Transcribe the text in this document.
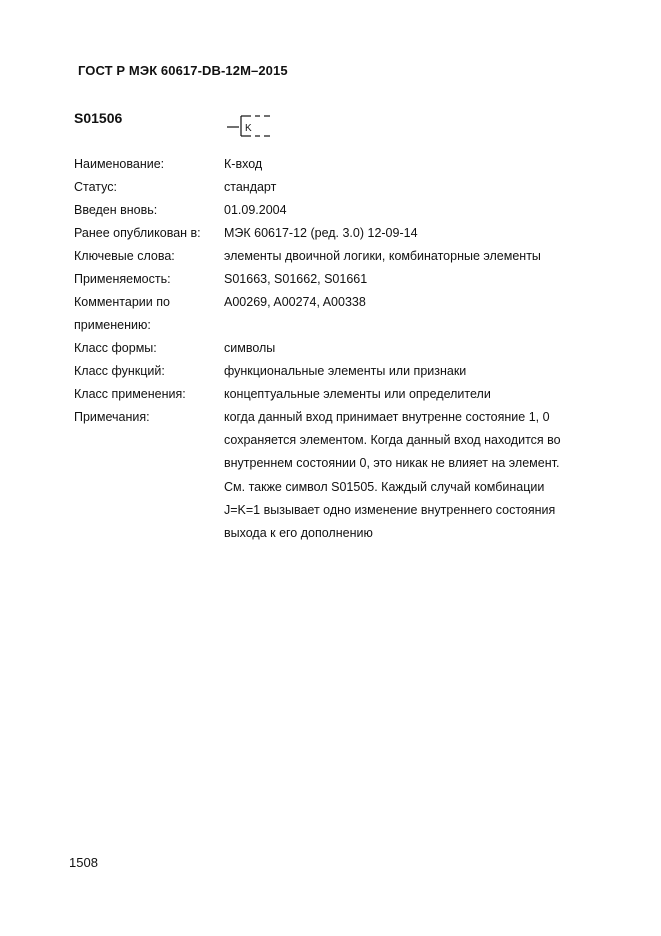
ГОСТ Р МЭК 60617-DB-12M–2015
S01506
K
Наименование:	К-вход
Статус:	стандарт
Введен вновь:	01.09.2004
Ранее опубликован в:	МЭК 60617-12 (ред. 3.0) 12-09-14
Ключевые слова:	элементы двоичной логики, комбинаторные элементы
Применяемость:	S01663, S01662, S01661
Комментарии по применению:
A00269, A00274, A00338
Класс формы:	символы
Класс функций:	функциональные элементы или признаки
Класс применения:	концептуальные элементы или определители
Примечания:	когда данный вход принимает внутренне состояние 1, 0 сохраняется элементом. Когда данный вход находится во внутреннем состоянии 0, это никак не влияет на элемент. См. также символ S01505. Каждый случай комбинации J=K=1 вызывает одно изменение внутреннего состояния выхода к его дополнению
1508
